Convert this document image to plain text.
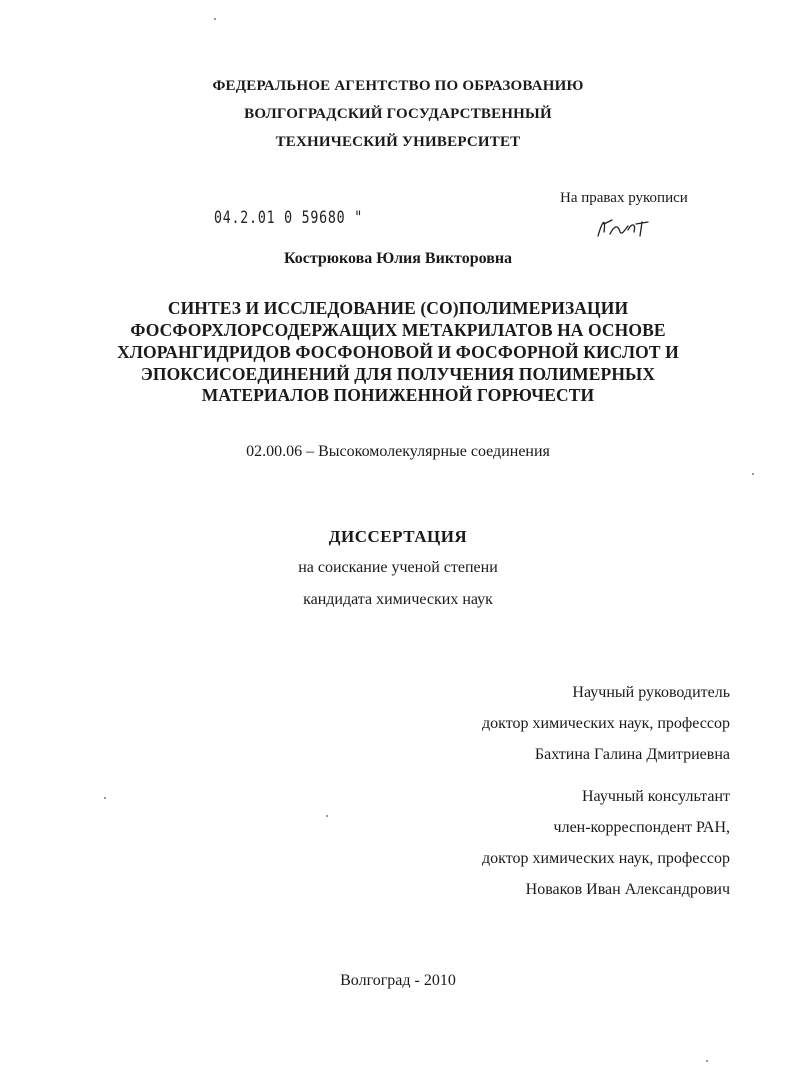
ФЕДЕРАЛЬНОЕ АГЕНТСТВО ПО ОБРАЗОВАНИЮ
ВОЛГОГРАДСКИЙ ГОСУДАРСТВЕННЫЙ
ТЕХНИЧЕСКИЙ УНИВЕРСИТЕТ
На правах рукописи
04.2.01 0 59680 "
Кострюкова Юлия Викторовна
СИНТЕЗ И ИССЛЕДОВАНИЕ (СО)ПОЛИМЕРИЗАЦИИ
ФОСФОРХЛОРСОДЕРЖАЩИХ МЕТАКРИЛАТОВ НА ОСНОВЕ
ХЛОРАНГИДРИДОВ ФОСФОНОВОЙ И ФОСФОРНОЙ КИСЛОТ И
ЭПОКСИСОЕДИНЕНИЙ ДЛЯ ПОЛУЧЕНИЯ ПОЛИМЕРНЫХ
МАТЕРИАЛОВ ПОНИЖЕННОЙ ГОРЮЧЕСТИ
02.00.06 – Высокомолекулярные соединения
ДИССЕРТАЦИЯ
на соискание ученой степени
кандидата химических наук
Научный руководитель
доктор химических наук, профессор
Бахтина Галина Дмитриевна
Научный консультант
член-корреспондент РАН,
доктор химических наук, профессор
Новаков Иван Александрович
Волгоград - 2010
